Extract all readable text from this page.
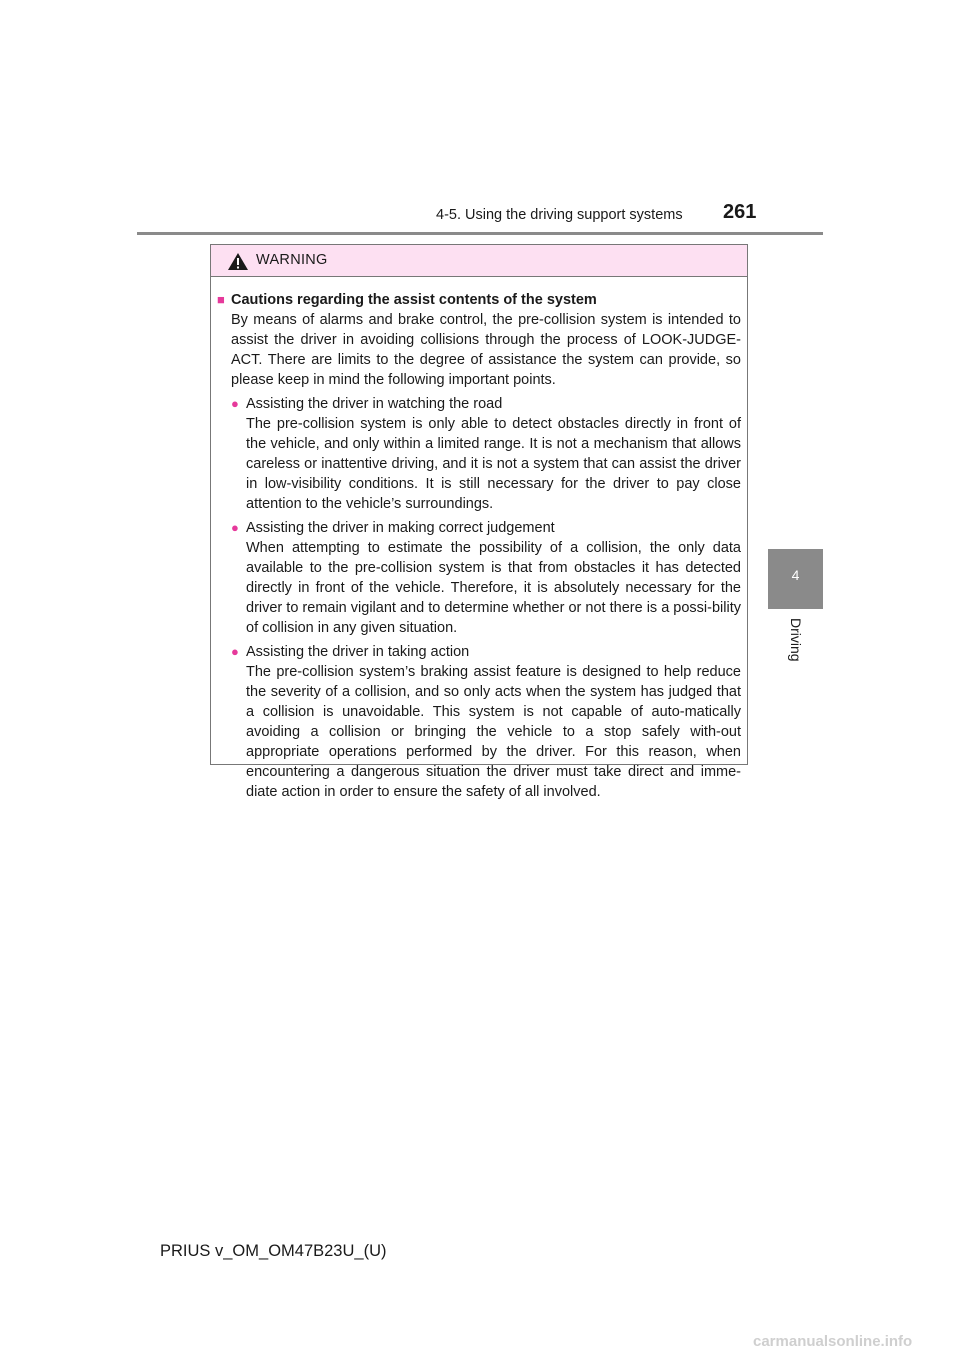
4-5. Using the driving support systems 261
4
Driving
WARNING
■ Cautions regarding the assist contents of the system
By means of alarms and brake control, the pre-collision system is intended to assist the driver in avoiding collisions through the process of LOOK-JUDGE-ACT. There are limits to the degree of assistance the system can provide, so please keep in mind the following important points.
● Assisting the driver in watching the road
The pre-collision system is only able to detect obstacles directly in front of the vehicle, and only within a limited range. It is not a mechanism that allows careless or inattentive driving, and it is not a system that can assist the driver in low-visibility conditions. It is still necessary for the driver to pay close attention to the vehicle’s surroundings.
● Assisting the driver in making correct judgement
When attempting to estimate the possibility of a collision, the only data available to the pre-collision system is that from obstacles it has detected directly in front of the vehicle. Therefore, it is absolutely necessary for the driver to remain vigilant and to determine whether or not there is a possi-bility of collision in any given situation.
● Assisting the driver in taking action
The pre-collision system’s braking assist feature is designed to help reduce the severity of a collision, and so only acts when the system has judged that a collision is unavoidable. This system is not capable of auto-matically avoiding a collision or bringing the vehicle to a stop safely with-out appropriate operations performed by the driver. For this reason, when encountering a dangerous situation the driver must take direct and imme-diate action in order to ensure the safety of all involved.
PRIUS v_OM_OM47B23U_(U)
carmanualsonline.info
